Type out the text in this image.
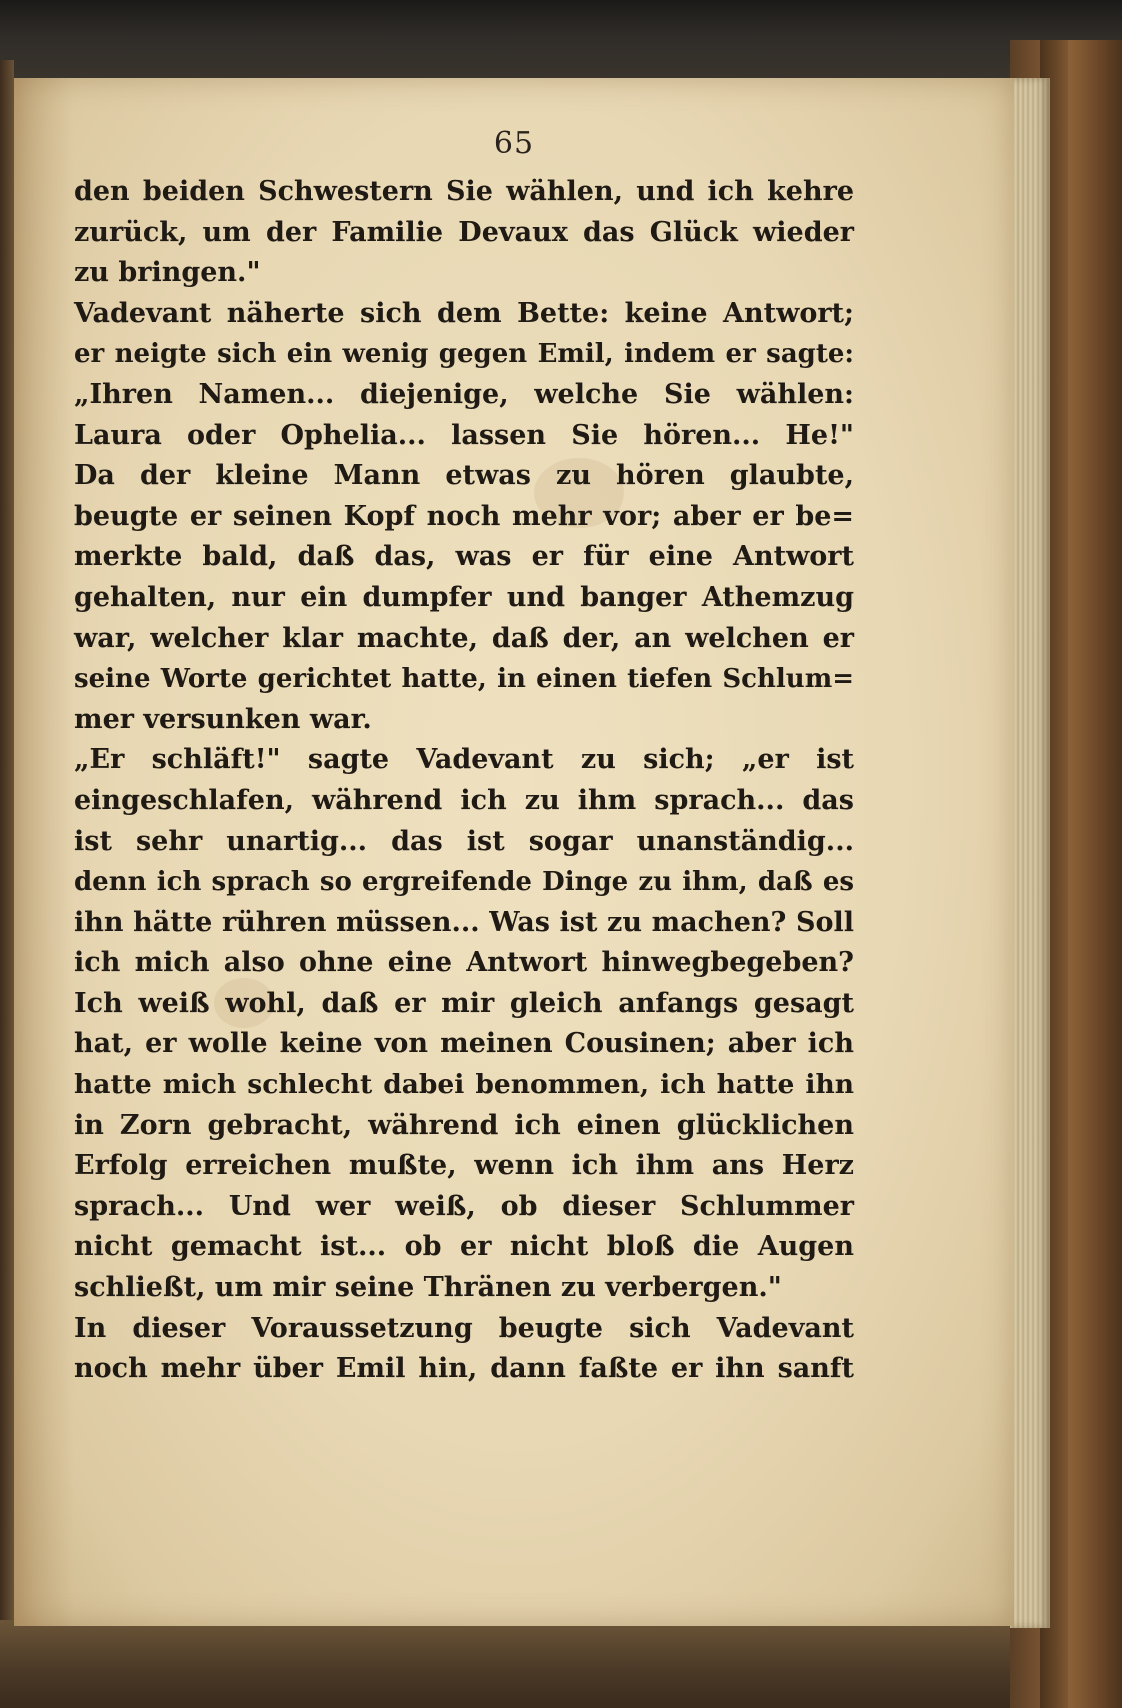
65
den beiden Schwestern Sie wählen, und ich kehre
zurück, um der Familie Devaux das Glück wieder
zu bringen."
Vadevant näherte sich dem Bette: keine Antwort;
er neigte sich ein wenig gegen Emil, indem er sagte:
„Ihren Namen... diejenige, welche Sie wählen:
Laura oder Ophelia... lassen Sie hören... He!"
Da der kleine Mann etwas zu hören glaubte,
beugte er seinen Kopf noch mehr vor; aber er be=
merkte bald, daß das, was er für eine Antwort
gehalten, nur ein dumpfer und banger Athemzug
war, welcher klar machte, daß der, an welchen er
seine Worte gerichtet hatte, in einen tiefen Schlum=
mer versunken war.
„Er schläft!" sagte Vadevant zu sich; „er ist
eingeschlafen, während ich zu ihm sprach... das
ist sehr unartig... das ist sogar unanständig...
denn ich sprach so ergreifende Dinge zu ihm, daß es
ihn hätte rühren müssen... Was ist zu machen? Soll
ich mich also ohne eine Antwort hinwegbegeben?
Ich weiß wohl, daß er mir gleich anfangs gesagt
hat, er wolle keine von meinen Cousinen; aber ich
hatte mich schlecht dabei benommen, ich hatte ihn
in Zorn gebracht, während ich einen glücklichen
Erfolg erreichen mußte, wenn ich ihm ans Herz
sprach... Und wer weiß, ob dieser Schlummer
nicht gemacht ist... ob er nicht bloß die Augen
schließt, um mir seine Thränen zu verbergen."
In dieser Voraussetzung beugte sich Vadevant
noch mehr über Emil hin, dann faßte er ihn sanft
